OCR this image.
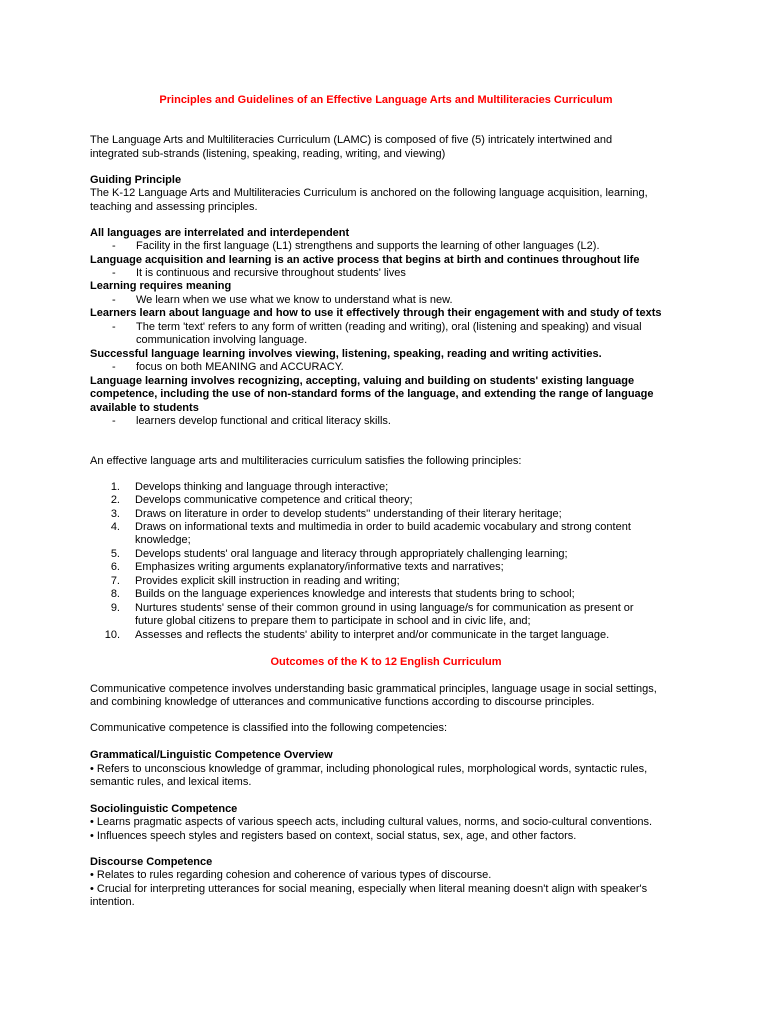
Principles and Guidelines of an Effective Language Arts and Multiliteracies Curriculum
The Language Arts and Multiliteracies Curriculum (LAMC) is composed of five (5) intricately intertwined and
integrated sub-strands (listening, speaking, reading, writing, and viewing)
Guiding Principle
The K-12 Language Arts and Multiliteracies Curriculum is anchored on the following language acquisition, learning,
teaching and assessing principles.
All languages are interrelated and interdependent
- Facility in the first language (L1) strengthens and supports the learning of other languages (L2).
Language acquisition and learning is an active process that begins at birth and continues throughout life
- It is continuous and recursive throughout students' lives
Learning requires meaning
- We learn when we use what we know to understand what is new.
Learners learn about language and how to use it effectively through their engagement with and study of texts
- The term 'text' refers to any form of written (reading and writing), oral (listening and speaking) and visual
communication involving language.
Successful language learning involves viewing, listening, speaking, reading and writing activities.
- focus on both MEANING and ACCURACY.
Language learning involves recognizing, accepting, valuing and building on students' existing language
competence, including the use of non-standard forms of the language, and extending the range of language
available to students
- learners develop functional and critical literacy skills.
An effective language arts and multiliteracies curriculum satisfies the following principles:
1. Develops thinking and language through interactive;
2. Develops communicative competence and critical theory;
3. Draws on literature in order to develop students'' understanding of their literary heritage;
4. Draws on informational texts and multimedia in order to build academic vocabulary and strong content
knowledge;
5. Develops students' oral language and literacy through appropriately challenging learning;
6. Emphasizes writing arguments explanatory/informative texts and narratives;
7. Provides explicit skill instruction in reading and writing;
8. Builds on the language experiences knowledge and interests that students bring to school;
9. Nurtures students' sense of their common ground in using language/s for communication as present or
future global citizens to prepare them to participate in school and in civic life, and;
10. Assesses and reflects the students' ability to interpret and/or communicate in the target language.
Outcomes of the K to 12 English Curriculum
Communicative competence involves understanding basic grammatical principles, language usage in social settings,
and combining knowledge of utterances and communicative functions according to discourse principles.
Communicative competence is classified into the following competencies:
Grammatical/Linguistic Competence Overview
• Refers to unconscious knowledge of grammar, including phonological rules, morphological words, syntactic rules,
semantic rules, and lexical items.
Sociolinguistic Competence
• Learns pragmatic aspects of various speech acts, including cultural values, norms, and socio-cultural conventions.
• Influences speech styles and registers based on context, social status, sex, age, and other factors.
Discourse Competence
• Relates to rules regarding cohesion and coherence of various types of discourse.
• Crucial for interpreting utterances for social meaning, especially when literal meaning doesn't align with speaker's
intention.
